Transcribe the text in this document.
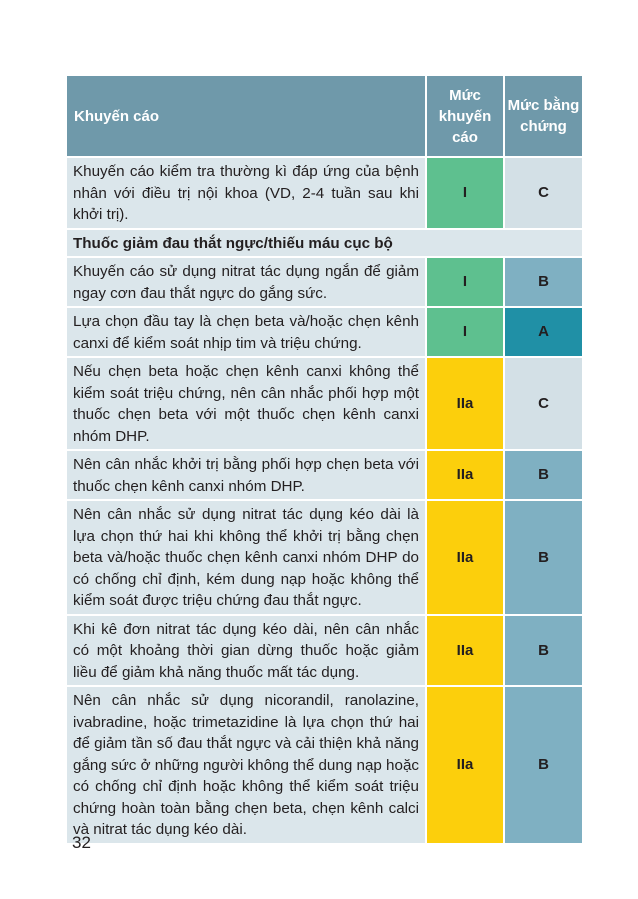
Khuyến cáo	Mức khuyến cáo	Mức bằng chứng
Khuyến cáo kiểm tra thường kì đáp ứng của bệnh nhân với điều trị nội khoa (VD, 2-4 tuần sau khi khởi trị).	I	C
Thuốc giảm đau thắt ngực/thiếu máu cục bộ		
Khuyến cáo sử dụng nitrat tác dụng ngắn để giảm ngay cơn đau thắt ngực do gắng sức.	I	B
Lựa chọn đầu tay là chẹn beta và/hoặc chẹn kênh canxi để kiểm soát nhịp tim và triệu chứng.	I	A
Nếu chẹn beta hoặc chẹn kênh canxi không thể kiểm soát triệu chứng, nên cân nhắc phối hợp một thuốc chẹn beta với một thuốc chẹn kênh canxi nhóm DHP.	IIa	C
Nên cân nhắc khởi trị bằng phối hợp chẹn beta với thuốc chẹn kênh canxi nhóm DHP.	IIa	B
Nên cân nhắc sử dụng nitrat tác dụng kéo dài là lựa chọn thứ hai khi không thể khởi trị bằng chẹn beta và/hoặc thuốc chẹn kênh canxi nhóm DHP do có chống chỉ định, kém dung nạp hoặc không thể kiểm soát được triệu chứng đau thắt ngực.	IIa	B
Khi kê đơn nitrat tác dụng kéo dài, nên cân nhắc có một khoảng thời gian dừng thuốc hoặc giảm liều để giảm khả năng thuốc mất tác dụng.	IIa	B
Nên cân nhắc sử dụng nicorandil, ranolazine, ivabradine, hoặc trimetazidine là lựa chọn thứ hai để giảm tần số đau thắt ngực và cải thiện khả năng gắng sức ở những người không thể dung nạp hoặc có chống chỉ định hoặc không thể kiểm soát triệu chứng hoàn toàn bằng chẹn beta, chẹn kênh calci và nitrat tác dụng kéo dài.	IIa	B
32
